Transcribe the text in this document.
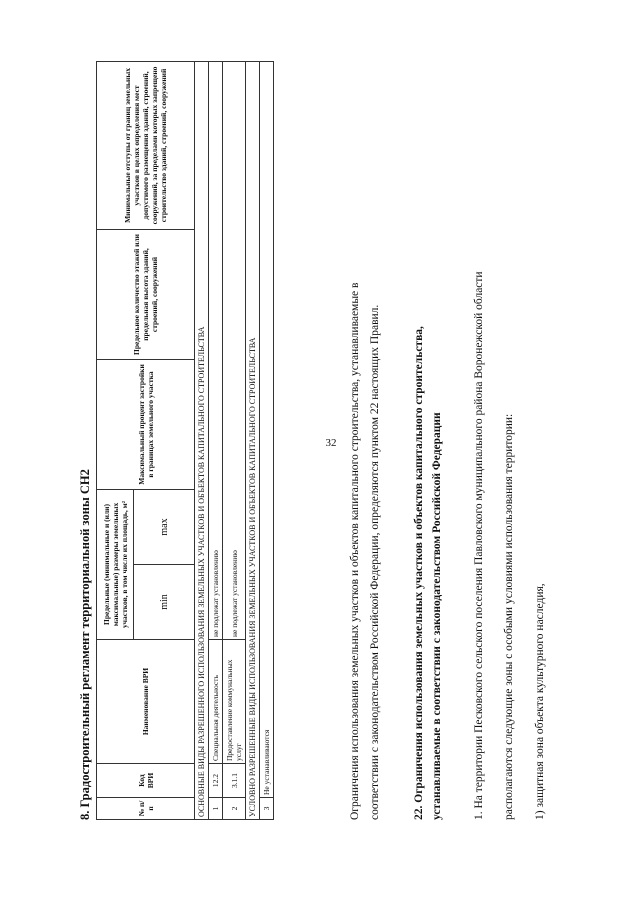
32
8. Градостроительный регламент территориальной зоны СН2	№ п/п	Код ВРИ	Наименование ВРИ	Предельные (минимальные и (или) максимальные) размеры земельных участков, в том числе их площадь, м²		Максимальный процент застройки в границах земельного участка	Предельное количество этажей или предельная высота зданий, строений, сооружений	Минимальные отступы от границ земельных участков в целях определения мест допустимого размещения зданий, строений, сооружений, за пределами которых запрещено строительство зданий, строений, сооружений
			min	max			
ОСНОВНЫЕ ВИДЫ РАЗРЕШЕННОГО ИСПОЛЬЗОВАНИЯ ЗЕМЕЛЬНЫХ УЧАСТКОВ И ОБЪЕКТОВ КАПИТАЛЬНОГО СТРОИТЕЛЬСТВА							
1	12.2	Специальная деятельность	не подлежат установлению				
2	3.1.1	Предоставление коммунальных услуг	не подлежат установлению				
УСЛОВНО РАЗРЕШЕННЫЕ ВИДЫ ИСПОЛЬЗОВАНИЯ ЗЕМЕЛЬНЫХ УЧАСТКОВ И ОБЪЕКТОВ КАПИТАЛЬНОГО СТРОИТЕЛЬСТВА							
3	Не устанавливаются							Ограничения использования земельных участков и объектов капитального строительства, устанавливаемые в соответствии с законодательством Российской Федерации, определяются пунктом 22 настоящих Правил.	22. Ограничения использования земельных участков и объектов капитального строительства, устанавливаемые в соответствии с законодательством Российской Федерации	1. На территории Песковского сельского поселения Павловского муниципального района Воронежской области располагаются следующие зоны с особыми условиями использования территории: 1) защитная зона объекта культурного наследия,
